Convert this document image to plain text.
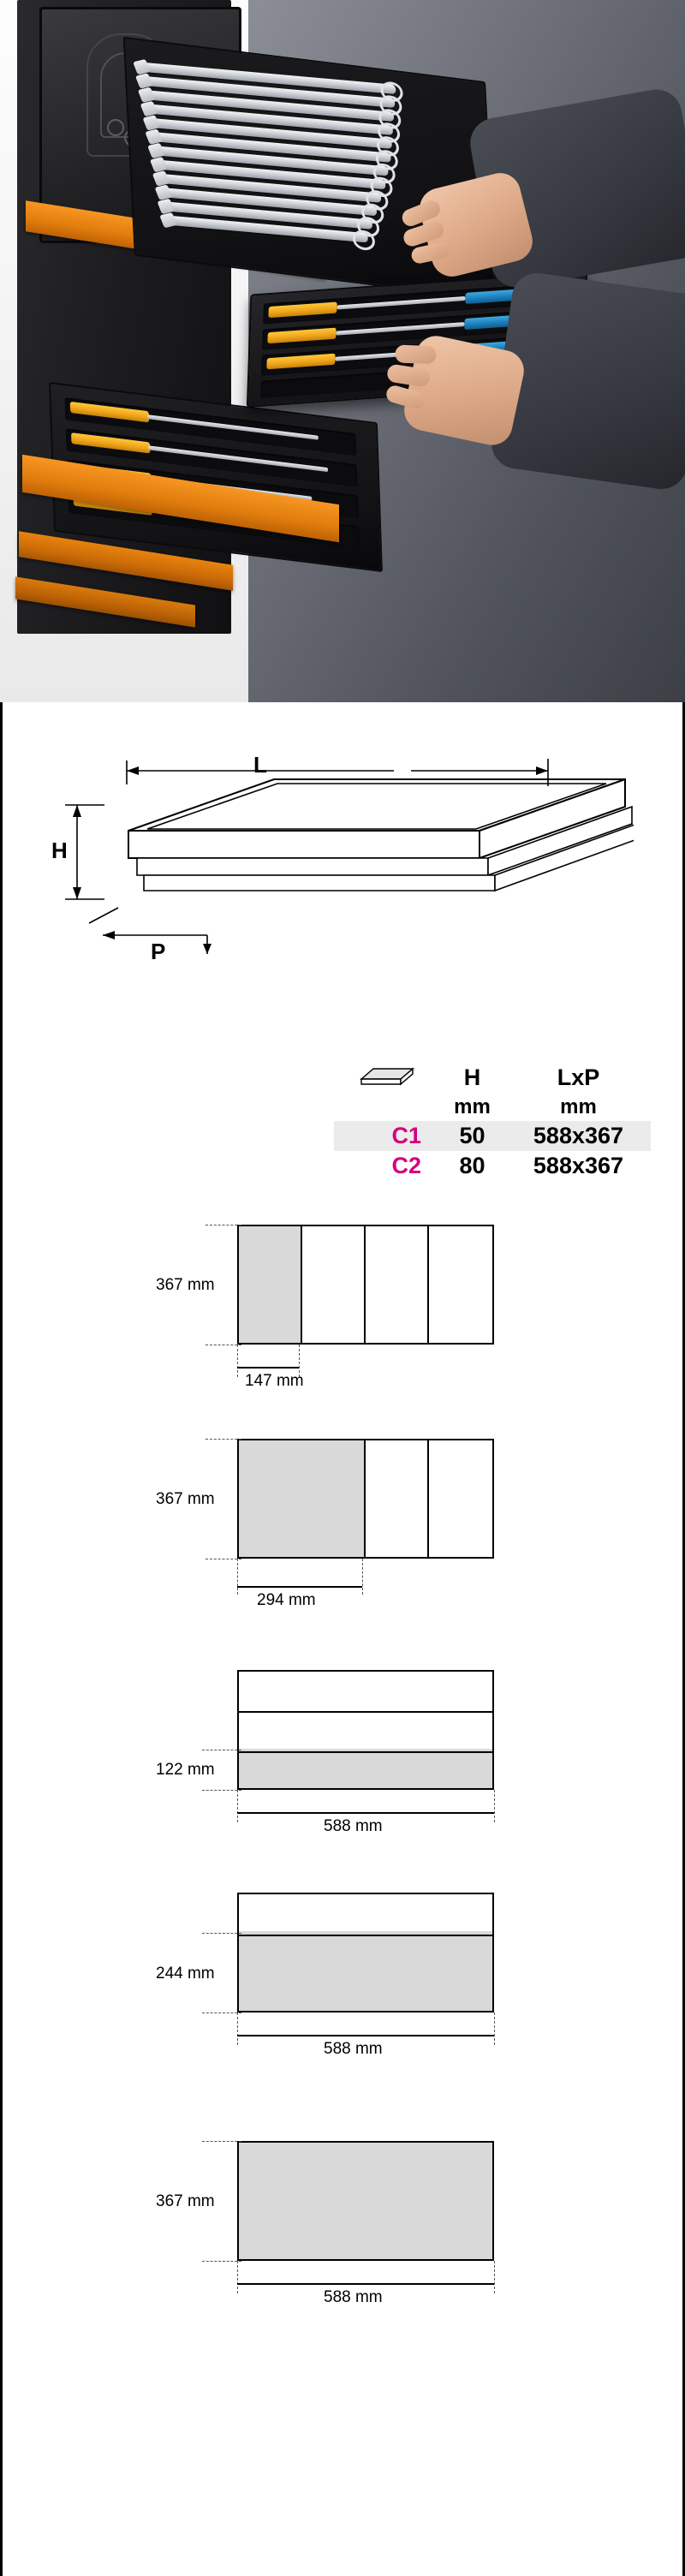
L
H
P
	H	LxP
	mm	mm
C1	50	588x367
C2	80	588x367
367 mm
147 mm
367 mm
294 mm
122 mm
588 mm
244 mm
588 mm
367 mm
588 mm
